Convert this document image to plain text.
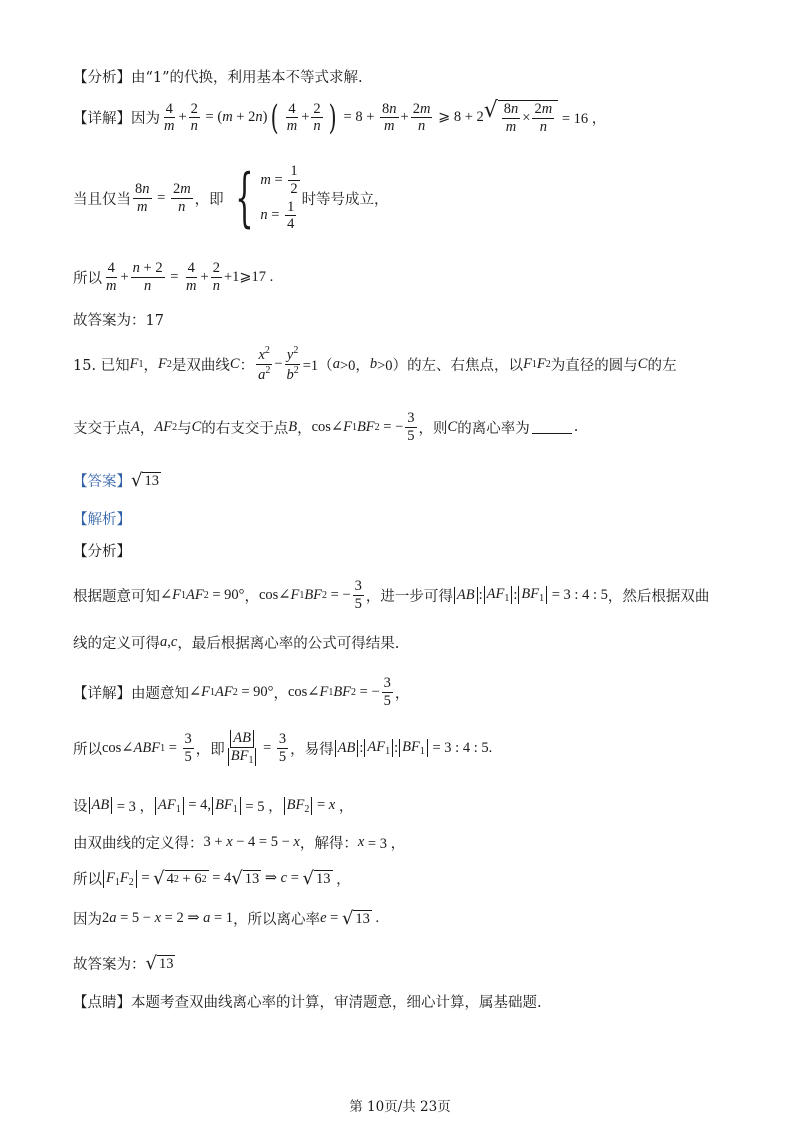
【分析】 由“1”的代换，利用基本不等式求解.
【详解】 因为 $\frac{4}{m} + \frac{2}{n}$ = ( m + 2 n ) ( $\frac{4}{m} + \frac{2}{n}$ ) = $8 + \frac{8n}{m} + \frac{2m}{n}$ ⩾ 8 + 2 √ $\frac{8n}{m} \times \frac{2m}{n} = 16$ ，
当且仅当 $\frac{8n}{m} = \frac{2m}{n}$ ，即 { $m = \frac{1}{2}$
$n = \frac{1}{4}$ 时等号成立，
所以 $\frac{4}{m} + \frac{n + 2}{n} = \frac{4}{m} + \frac{2}{n}$ +1⩾17 .
故答案为：17
15. 已知 F 1 ， F 2 是双曲线 C ： $\frac{x^2}{a^2} - \frac{y^2}{b^2} =1$（ a >0， b >0） 的左、右焦点，以 F 1 F 2 为直径的圆与 C 的左
支交于点 A ， AF 2 与 C 的右支交于点 B ， cos∠ F 1 BF 2 = − $\frac{3}{5}$ ，则 C 的离心率为	.
【答案】 √ 13
【解析】
【分析】
根据题意可知 ∠ F 1 AF 2 = 90° ， cos∠ F 1 BF 2 = − $\frac{3}{5}$ ，进一步可得 AB : $AF_1$ : $BF_1 = 3$ : 4 : 5 ，然后根据双曲
线的定义可得 a , c ，最后根据离心率的公式可得结果.
【详解】 由题意知 ∠ F 1 AF 2 = 90° ， cos∠ F 1 BF 2 = − $\frac{3}{5}$ ，
所以 cos∠ ABF $1 = \frac{3}{5}$ ，即 $\frac{AB}{BF_1} = \frac{3}{5}$ ，易得 AB : $AF_1$ : $BF_1 = 3$ : 4 : 5.
设 AB = 3 ， $AF_1 = 4$, $BF_1 = 5$ ， $BF_2 = x$ ，
由双曲线的定义得： 3 + x − 4 = 5 − x ，解得： x = 3 ，
所以 $F_1F_2$ = √ 4 2 + 6 2 = 4 √ 13 ⇒ c = √ 13 ，
因为 2 a = 5 − x = 2 ⇒ a = 1 ，所以离心率 e = √ 13 .
故答案为： √ 13
【点睛】 本题考查双曲线离心率的计算，审清题意，细心计算，属基础题.
第 10页/共 23页
